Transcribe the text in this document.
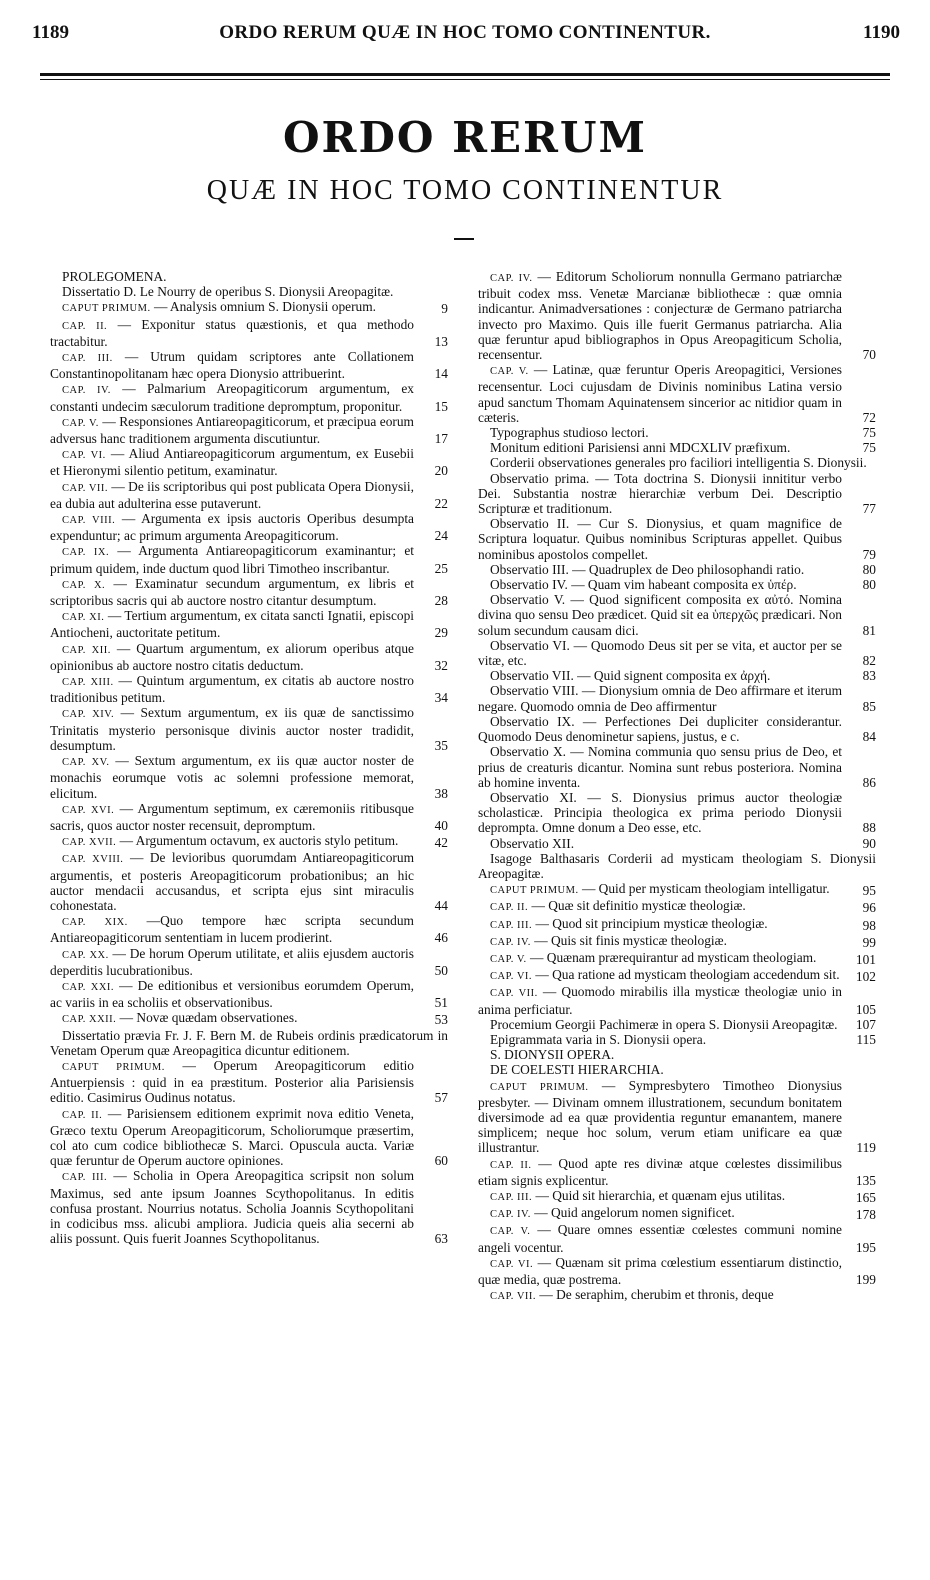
1189	ORDO RERUM QUÆ IN HOC TOMO CONTINENTUR.	1190
ORDO RERUM
QUÆ IN HOC TOMO CONTINENTUR

PROLEGOMENA.

Dissertatio D. Le Nourry de operibus S. Dionysii Areopagitæ.

CAPUT PRIMUM. — Analysis omnium S. Dionysii operum.	9

CAP. II. — Exponitur status quæstionis, et qua methodo tractabitur.	13

CAP. III. — Utrum quidam scriptores ante Collationem Constantinopolitanam hæc opera Dionysio attribuerint.	14

CAP. IV. — Palmarium Areopagiticorum argumentum, ex constanti undecim sæculorum traditione depromptum, proponitur.	15

CAP. V. — Responsiones Antiareopagiticorum, et præcipua eorum adversus hanc traditionem argumenta discutiuntur.	17

CAP. VI. — Aliud Antiareopagiticorum argumentum, ex Eusebii et Hieronymi silentio petitum, examinatur.	20

CAP. VII. — De iis scriptoribus qui post publicata Opera Dionysii, ea dubia aut adulterina esse putaverunt.	22

CAP. VIII. — Argumenta ex ipsis auctoris Operibus desumpta expenduntur; ac primum argumenta Areopagiticorum.	24

CAP. IX. — Argumenta Antiareopagiticorum examinantur; et primum quidem, inde ductum quod libri Timotheo inscribantur.	25

CAP. X. — Examinatur secundum argumentum, ex libris et scriptoribus sacris qui ab auctore nostro citantur desumptum.	28

CAP. XI. — Tertium argumentum, ex citata sancti Ignatii, episcopi Antiocheni, auctoritate petitum.	29

CAP. XII. — Quartum argumentum, ex aliorum operibus atque opinionibus ab auctore nostro citatis deductum.	32

CAP. XIII. — Quintum argumentum, ex citatis ab auctore nostro traditionibus petitum.	34

CAP. XIV. — Sextum argumentum, ex iis quæ de sanctissimo Trinitatis mysterio personisque divinis auctor noster tradidit, desumptum.	35

CAP. XV. — Sextum argumentum, ex iis quæ auctor noster de monachis eorumque votis ac solemni professione memorat, elicitum.	38

CAP. XVI. — Argumentum septimum, ex cæremoniis ritibusque sacris, quos auctor noster recensuit, depromptum.	40

CAP. XVII. — Argumentum octavum, ex auctoris stylo petitum.	42

CAP. XVIII. — De levioribus quorumdam Antiareopagiticorum argumentis, et posteris Areopagiticorum probationibus; an hic auctor mendacii accusandus, et scripta ejus sint miraculis cohonestata.	44

CAP. XIX. —Quo tempore hæc scripta secundum Antiareopagiticorum sententiam in lucem prodierint.	46

CAP. XX. — De horum Operum utilitate, et aliis ejusdem auctoris deperditis lucubrationibus.	50

CAP. XXI. — De editionibus et versionibus eorumdem Operum, ac variis in ea scholiis et observationibus.	51

CAP. XXII. — Novæ quædam observationes.	53

Dissertatio prævia Fr. J. F. Bern M. de Rubeis ordinis prædicatorum in Venetam Operum quæ Areopagitica dicuntur editionem.

CAPUT PRIMUM. — Operum Areopagiticorum editio Antuerpiensis : quid in ea præstitum. Posterior alia Parisiensis editio. Casimirus Oudinus notatus.	57

CAP. II. — Parisiensem editionem exprimit nova editio Veneta, Græco textu Operum Areopagiticorum, Scholiorumque præsertim, col ato cum codice bibliothecæ S. Marci. Opuscula aucta. Variæ quæ feruntur de Operum auctore opiniones.	60

CAP. III. — Scholia in Opera Areopagitica scripsit non solum Maximus, sed ante ipsum Joannes Scythopolitanus. In editis confusa prostant. Nourrius notatus. Scholia Joannis Scythopolitani in codicibus mss. alicubi ampliora. Judicia queis alia secerni ab aliis possunt. Quis fuerit Joannes Scythopolitanus.	63

CAP. IV. — Editorum Scholiorum nonnulla Germano patriarchæ tribuit codex mss. Venetæ Marcianæ bibliothecæ : quæ omnia indicantur. Animadversationes : conjecturæ de Germano patriarcha invecto pro Maximo. Quis ille fuerit Germanus patriarcha. Alia quæ feruntur apud bibliographos in Opus Areopagiticum Scholia, recensentur.	70

CAP. V. — Latinæ, quæ feruntur Operis Areopagitici, Versiones recensentur. Loci cujusdam de Divinis nominibus Latina versio apud sanctum Thomam Aquinatensem sincerior ac nitidior quam in cæteris.	72

Typographus studioso lectori.	75

Monitum editioni Parisiensi anni MDCXLIV præfixum.	75

Corderii observationes generales pro faciliori intelligentia S. Dionysii.

Observatio prima. — Tota doctrina S. Dionysii innititur verbo Dei. Substantia nostræ hierarchiæ verbum Dei. Descriptio Scripturæ et traditionum.	77

Observatio II. — Cur S. Dionysius, et quam magnifice de Scriptura loquatur. Quibus nominibus Scripturas appellet. Quibus nominibus apostolos compellet.	79

Observatio III. — Quadruplex de Deo philosophandi ratio.	80

Observatio IV. — Quam vim habeant composita ex ὑπέρ.	80

Observatio V. — Quod significent composita ex αὐτό. Nomina divina quo sensu Deo prædicet. Quid sit ea ὑπερχῶς prædicari. Non solum secundum causam dici.	81

Observatio VI. — Quomodo Deus sit per se vita, et auctor per se vitæ, etc.	82

Observatio VII. — Quid signent composita ex ἀρχή.	83

Observatio VIII. — Dionysium omnia de Deo affirmare et iterum negare. Quomodo omnia de Deo affirmentur	85

Observatio IX. — Perfectiones Dei dupliciter considerantur. Quomodo Deus denominetur sapiens, justus, e c.	84

Observatio X. — Nomina communia quo sensu prius de Deo, et prius de creaturis dicantur. Nomina sunt rebus posteriora. Nomina ab homine inventa.	86

Observatio XI. — S. Dionysius primus auctor theologiæ scholasticæ. Principia theologica ex prima periodo Dionysii deprompta. Omne donum a Deo esse, etc.	88

Observatio XII.	90

Isagoge Balthasaris Corderii ad mysticam theologiam S. Dionysii Areopagitæ.

CAPUT PRIMUM. — Quid per mysticam theologiam intelligatur.	95

CAP. II. — Quæ sit definitio mysticæ theologiæ.	96

CAP. III. — Quod sit principium mysticæ theologiæ.	98

CAP. IV. — Quis sit finis mysticæ theologiæ.	99

CAP. V. — Quænam prærequirantur ad mysticam theologiam.	101

CAP. VI. — Qua ratione ad mysticam theologiam accedendum sit.	102

CAP. VII. — Quomodo mirabilis illa mysticæ theologiæ unio in anima perficiatur.	105

Procemium Georgii Pachimeræ in opera S. Dionysii Areopagitæ.	107

Epigrammata varia in S. Dionysii opera.	115

S. DIONYSII OPERA.

DE COELESTI HIERARCHIA.

CAPUT PRIMUM. — Sympresbytero Timotheo Dionysius presbyter. — Divinam omnem illustrationem, secundum bonitatem diversimode ad ea quæ providentia reguntur emanantem, manere simplicem; neque hoc solum, verum etiam unificare ea quæ illustrantur.	119

CAP. II. — Quod apte res divinæ atque cœlestes dissimilibus etiam signis explicentur.	135

CAP. III. — Quid sit hierarchia, et quænam ejus utilitas.	165

CAP. IV. — Quid angelorum nomen significet.	178

CAP. V. — Quare omnes essentiæ cœlestes communi nomine angeli vocentur.	195

CAP. VI. — Quænam sit prima cœlestium essentiarum distinctio, quæ media, quæ postrema.	199

CAP. VII. — De seraphim, cherubim et thronis, deque
